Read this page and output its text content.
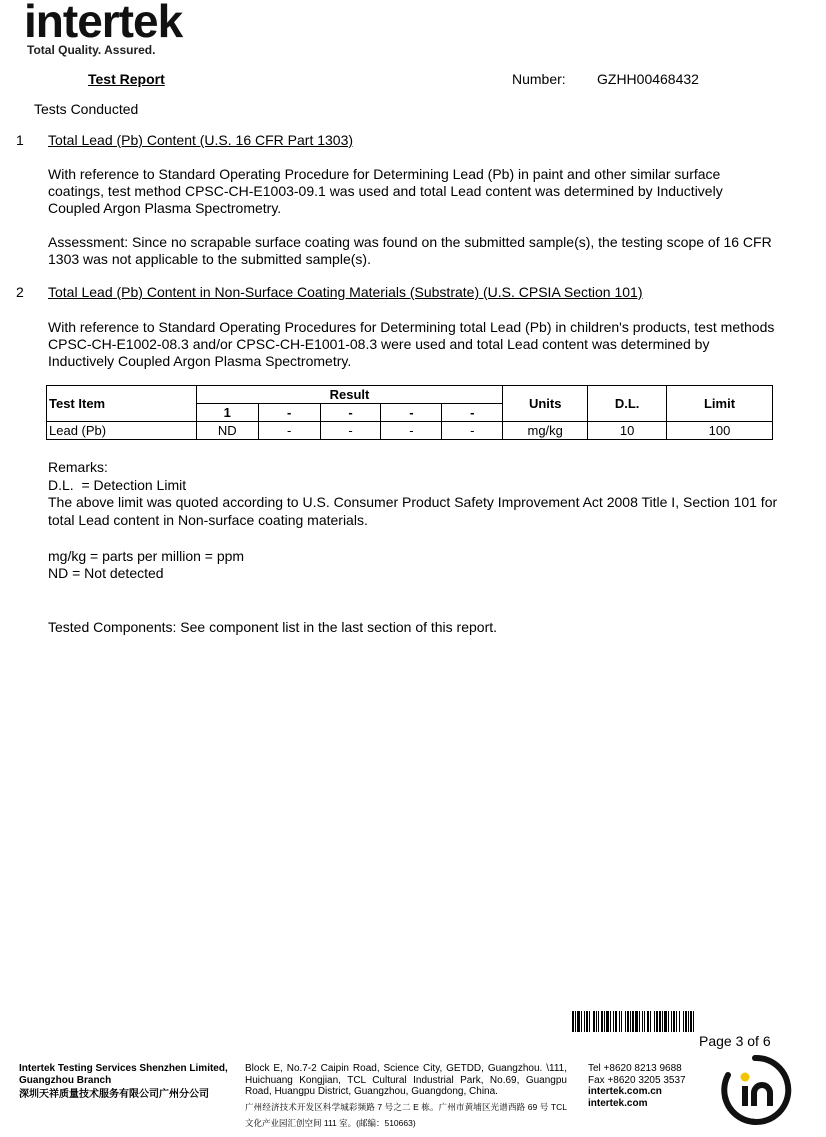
intertek
Total Quality. Assured.
Test Report	Number: GZHH00468432
Tests Conducted
1 Total Lead (Pb) Content (U.S. 16 CFR Part 1303)
With reference to Standard Operating Procedure for Determining Lead (Pb) in paint and other similar surface coatings, test method CPSC-CH-E1003-09.1 was used and total Lead content was determined by Inductively Coupled Argon Plasma Spectrometry.
Assessment: Since no scrapable surface coating was found on the submitted sample(s), the testing scope of 16 CFR 1303 was not applicable to the submitted sample(s).
2 Total Lead (Pb) Content in Non-Surface Coating Materials (Substrate) (U.S. CPSIA Section 101)
With reference to Standard Operating Procedures for Determining total Lead (Pb) in children's products, test methods CPSC-CH-E1002-08.3 and/or CPSC-CH-E1001-08.3 were used and total Lead content was determined by Inductively Coupled Argon Plasma Spectrometry.
Test Item	Result					Units	D.L.	Limit
	1	-	-	-	-			
Lead (Pb)	ND	-	-	-	-	mg/kg	10	100
Remarks:
D.L.  = Detection Limit
The above limit was quoted according to U.S. Consumer Product Safety Improvement Act 2008 Title I, Section 101 for total Lead content in Non-surface coating materials.
mg/kg = parts per million = ppm
ND = Not detected
Tested Components: See component list in the last section of this report.
Page 3 of 6
Intertek Testing Services Shenzhen Limited,
Guangzhou Branch
深圳天祥质量技术服务有限公司广州分公司
Block E, No.7-2 Caipin Road, Science City, GETDD, Guangzhou. \111, Huichuang Kongjian, TCL Cultural Industrial Park, No.69, Guangpu Road, Huangpu District, Guangzhou, Guangdong, China.
广州经济技术开发区科学城彩频路 7 号之二 E 栋。广州市黄埔区光谱西路 69 号 TCL 文化产业园汇创空间 111 室。(邮编：510663)
Tel +8620 8213 9688
Fax +8620 3205 3537
intertek.com.cn
intertek.com
